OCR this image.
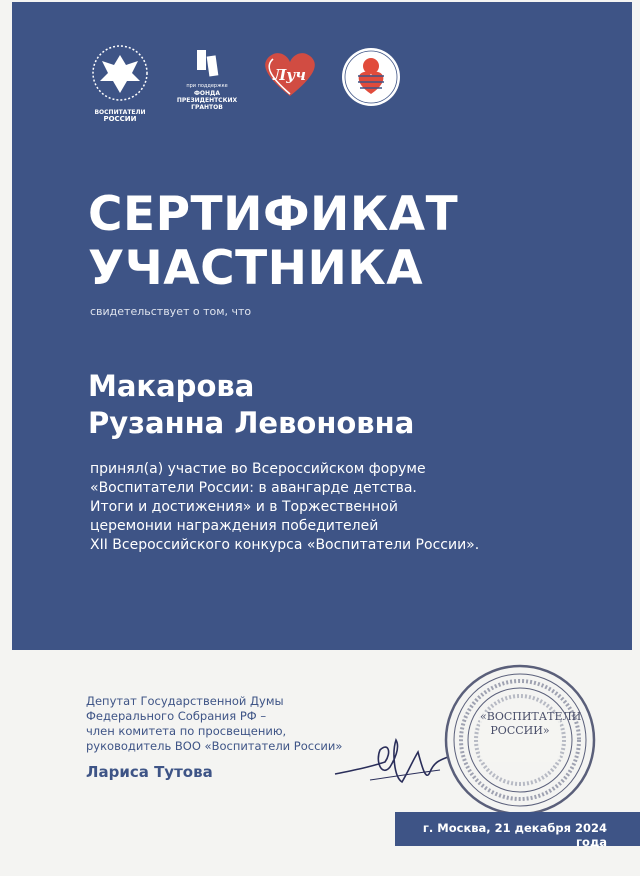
ВОСПИТАТЕЛИ
РОССИИ
при поддержке
ФОНДА
ПРЕЗИДЕНТСКИХ
ГРАНТОВ
Луч
СЕРТИФИКАТ
УЧАСТНИКА

свидетельствует о том, что

Макарова
Рузанна Левоновна

принял(а) участие во Всероссийском форуме
«Воспитатели России: в авангарде детства.
Итоги и достижения» и в Торжественной
церемонии награждения победителей
XII Всероссийского конкурса «Воспитатели России».

Депутат Государственной Думы
Федерального Собрания РФ –
член комитета по просвещению,
руководитель ВОО «Воспитатели России»

Лариса Тутова

«ВОСПИТАТЕЛИ
РОССИИ»
г. Москва, 21 декабря 2024 года
